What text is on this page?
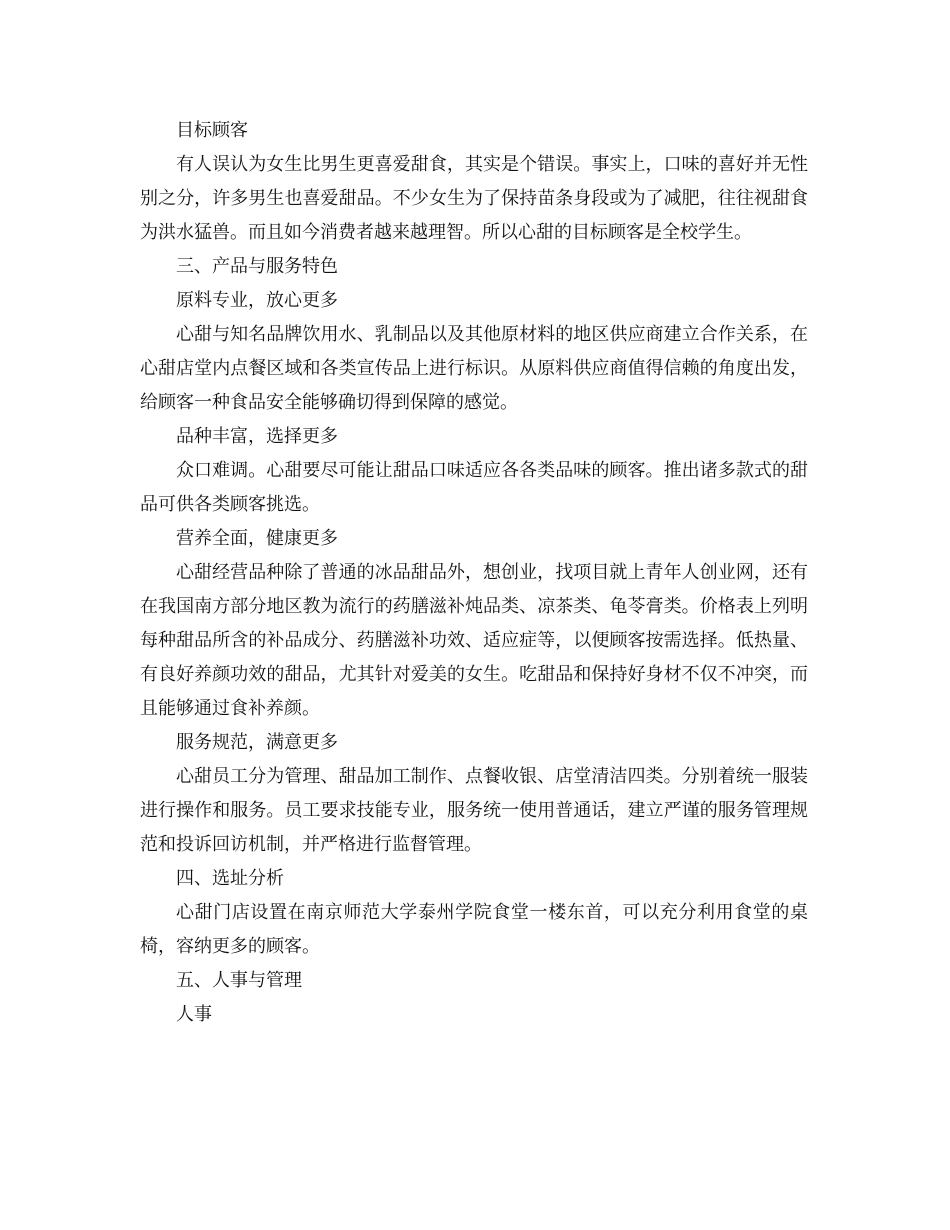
目标顾客

有人误认为女生比男生更喜爱甜食，其实是个错误。事实上，口味的喜好并无性别之分，许多男生也喜爱甜品。不少女生为了保持苗条身段或为了减肥，往往视甜食为洪水猛兽。而且如今消费者越来越理智。所以心甜的目标顾客是全校学生。

三、产品与服务特色

原料专业，放心更多

心甜与知名品牌饮用水、乳制品以及其他原材料的地区供应商建立合作关系，在心甜店堂内点餐区域和各类宣传品上进行标识。从原料供应商值得信赖的角度出发，给顾客一种食品安全能够确切得到保障的感觉。

品种丰富，选择更多

众口难调。心甜要尽可能让甜品口味适应各各类品味的顾客。推出诸多款式的甜品可供各类顾客挑选。

营养全面，健康更多

心甜经营品种除了普通的冰品甜品外，想创业，找项目就上青年人创业网，还有在我国南方部分地区教为流行的药膳滋补炖品类、凉茶类、龟苓膏类。价格表上列明每种甜品所含的补品成分、药膳滋补功效、适应症等，以便顾客按需选择。低热量、有良好养颜功效的甜品，尤其针对爱美的女生。吃甜品和保持好身材不仅不冲突，而且能够通过食补养颜。

服务规范，满意更多

心甜员工分为管理、甜品加工制作、点餐收银、店堂清洁四类。分别着统一服装进行操作和服务。员工要求技能专业，服务统一使用普通话，建立严谨的服务管理规范和投诉回访机制，并严格进行监督管理。

四、选址分析

心甜门店设置在南京师范大学泰州学院食堂一楼东首，可以充分利用食堂的桌椅，容纳更多的顾客。

五、人事与管理

人事
